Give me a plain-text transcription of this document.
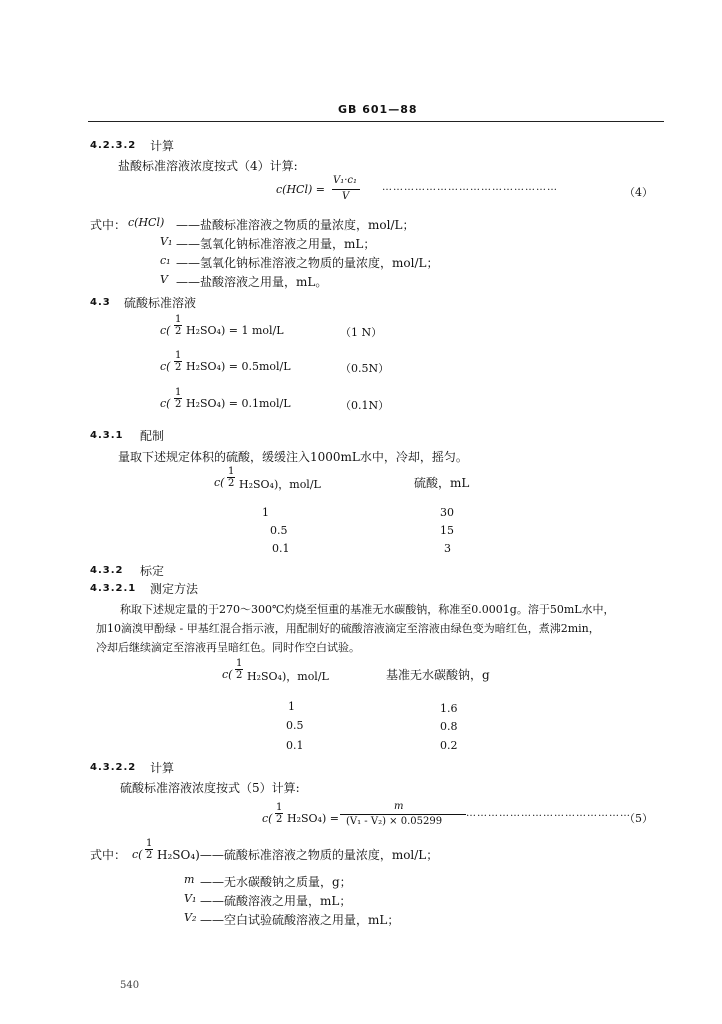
GB 601—88
4.2.3.2 计算
盐酸标准溶液浓度按式（4）计算:
c(HCl) =
V₁·c₁
V
…………………………………………	（4）
式中： c(HCl) ——盐酸标准溶液之物质的量浓度，mol/L；
V₁ ——氢氧化钠标准溶液之用量，mL；
c₁ ——氢氧化钠标准溶液之物质的量浓度，mol/L；
V ——盐酸溶液之用量，mL。
4.3 硫酸标准溶液
$c( \frac{1}{2} H_2SO_4) = 1$ mol/L	（1 N）
$c( \frac{1}{2} H_2SO_4) = 0.5mol/L$	（0.5N）
$c( \frac{1}{2} H_2SO_4) = 0.1mol/L$	（0.1N）
4.3.1 配制
量取下述规定体积的硫酸，缓缓注入1000mL水中，冷却，摇匀。
$c( \frac{1}{2} H_2SO_4)$，mol/L	硫酸，mL
1	30
0.5	15
0.1	3
4.3.2 标定
4.3.2.1 测定方法
称取下述规定量的于270～300℃灼烧至恒重的基准无水碳酸钠，称准至0.0001g。溶于50mL水中，
加10滴溴甲酚绿 - 甲基红混合指示液，用配制好的硫酸溶液滴定至溶液由绿色变为暗红色，煮沸2min，
冷却后继续滴定至溶液再呈暗红色。同时作空白试验。
$c( \frac{1}{2} H_2SO_4)$，mol/L	基准无水碳酸钠，g
1	1.6
0.5	0.8
0.1	0.2
4.3.2.2 计算
硫酸标准溶液浓度按式（5）计算:
$c( \frac{1}{2} H_2SO_4)$ =
m
(V₁ - V₂) × 0.05299
………………………………………
（5）
式中： $c( \frac{1}{2}$ H₂SO₄)——硫酸标准溶液之物质的量浓度，mol/L；
m ——无水碳酸钠之质量，g；
V₁ ——硫酸溶液之用量，mL；
V₂ ——空白试验硫酸溶液之用量，mL；
540
